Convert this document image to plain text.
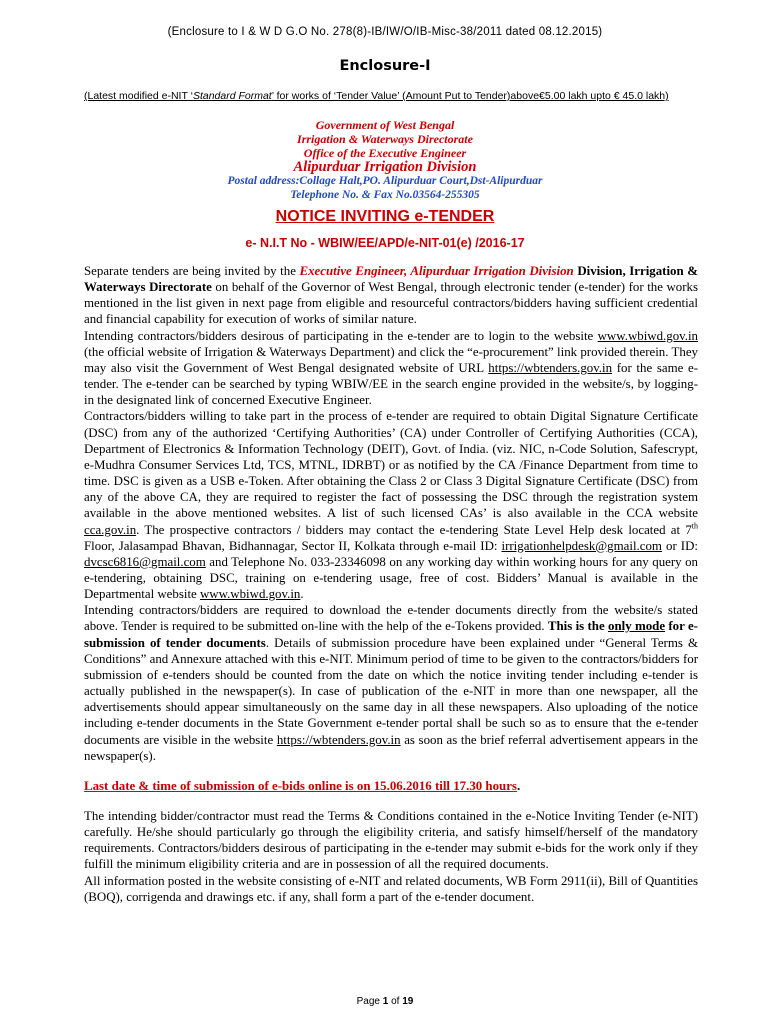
(Enclosure to I & W D G.O No. 278(8)-IB/IW/O/IB-Misc-38/2011 dated 08.12.2015)
Enclosure-I
(Latest modified e-NIT ‘Standard Format’ for works of ‘Tender Value’ (Amount Put to Tender)above€5.00 lakh upto € 45.0 lakh)
Government of West Bengal
Irrigation & Waterways Directorate
Office of the Executive Engineer
Alipurduar Irrigation Division
Postal address:Collage Halt,PO. Alipurduar Court,Dst-Alipurduar
Telephone No. & Fax No.03564-255305
NOTICE INVITING e-TENDER
e- N.I.T No - WBIW/EE/APD/e-NIT-01(e) /2016-17

Separate tenders are being invited by the Executive Engineer, Alipurduar Irrigation Division Division, Irrigation & Waterways Directorate on behalf of the Governor of West Bengal, through electronic tender (e-tender) for the works mentioned in the list given in next page from eligible and resourceful contractors/bidders having sufficient credential and financial capability for execution of works of similar nature.

Intending contractors/bidders desirous of participating in the e-tender are to login to the website www.wbiwd.gov.in (the official website of Irrigation & Waterways Department) and click the “e-procurement” link provided therein. They may also visit the Government of West Bengal designated website of URL https://wbtenders.gov.in for the same e-tender. The e-tender can be searched by typing WBIW/EE in the search engine provided in the website/s, by logging-in the designated link of concerned Executive Engineer.

Contractors/bidders willing to take part in the process of e-tender are required to obtain Digital Signature Certificate (DSC) from any of the authorized ‘Certifying Authorities’ (CA) under Controller of Certifying Authorities (CCA), Department of Electronics & Information Technology (DEIT), Govt. of India. (viz. NIC, n-Code Solution, Safescrypt, e-Mudhra Consumer Services Ltd, TCS, MTNL, IDRBT) or as notified by the CA /Finance Department from time to time. DSC is given as a USB e-Token. After obtaining the Class 2 or Class 3 Digital Signature Certificate (DSC) from any of the above CA, they are required to register the fact of possessing the DSC through the registration system available in the above mentioned websites. A list of such licensed CAs’ is also available in the CCA website cca.gov.in. The prospective contractors / bidders may contact the e-tendering State Level Help desk located at 7th Floor, Jalasampad Bhavan, Bidhannagar, Sector II, Kolkata through e-mail ID: irrigationhelpdesk@gmail.com or ID: dvcsc6816@gmail.com and Telephone No. 033-23346098 on any working day within working hours for any query on e-tendering, obtaining DSC, training on e-tendering usage, free of cost. Bidders’ Manual is available in the Departmental website www.wbiwd.gov.in.

Intending contractors/bidders are required to download the e-tender documents directly from the website/s stated above. Tender is required to be submitted on-line with the help of the e-Tokens provided. This is the only mode for e-submission of tender documents. Details of submission procedure have been explained under “General Terms & Conditions” and Annexure attached with this e-NIT. Minimum period of time to be given to the contractors/bidders for submission of e-tenders should be counted from the date on which the notice inviting tender including e-tender is actually published in the newspaper(s). In case of publication of the e-NIT in more than one newspaper, all the advertisements should appear simultaneously on the same day in all these newspapers. Also uploading of the notice including e-tender documents in the State Government e-tender portal shall be such so as to ensure that the e-tender documents are visible in the website https://wbtenders.gov.in as soon as the brief referral advertisement appears in the newspaper(s).

Last date & time of submission of e-bids online is on 15.06.2016 till 17.30 hours.

The intending bidder/contractor must read the Terms & Conditions contained in the e-Notice Inviting Tender (e-NIT) carefully. He/she should particularly go through the eligibility criteria, and satisfy himself/herself of the mandatory requirements. Contractors/bidders desirous of participating in the e-tender may submit e-bids for the work only if they fulfill the minimum eligibility criteria and are in possession of all the required documents.

All information posted in the website consisting of e-NIT and related documents, WB Form 2911(ii), Bill of Quantities (BOQ), corrigenda and drawings etc. if any, shall form a part of the e-tender document.

Page 1 of 19
